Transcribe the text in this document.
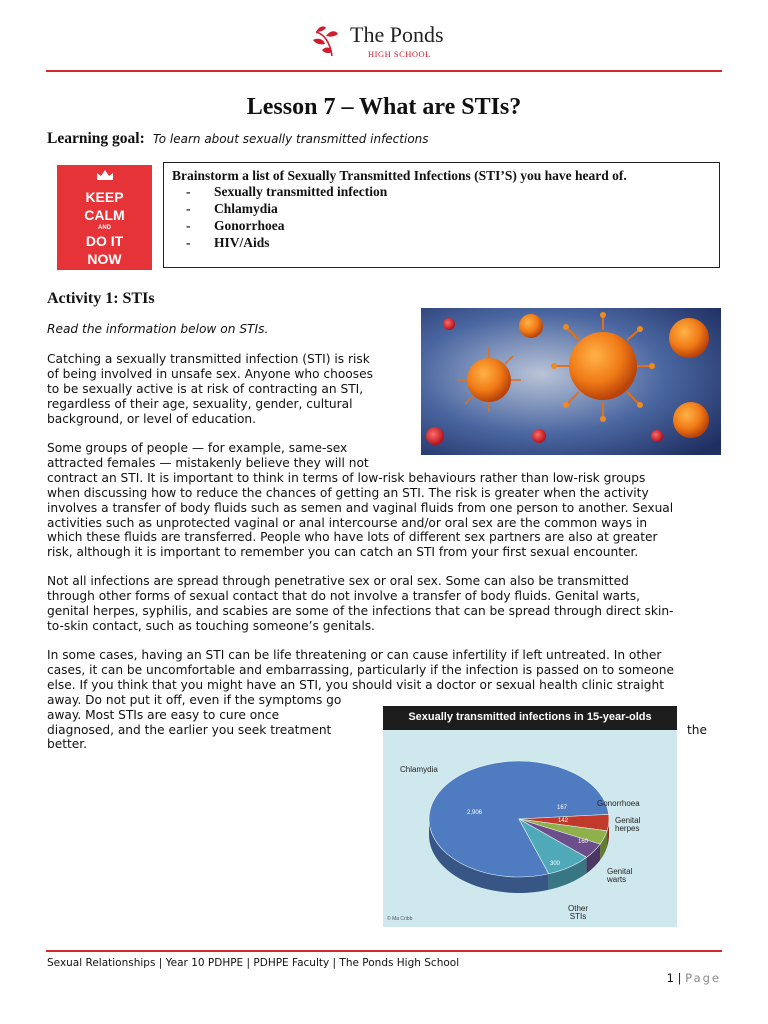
The Ponds
HIGH SCHOOL
Lesson 7 – What are STIs?
Learning goal: To learn about sexually transmitted infections
KEEP
CALM
AND
DO IT
NOW
Brainstorm a list of Sexually Transmitted Infections (STI’S) you have heard of.
- Sexually transmitted infection
- Chlamydia
- Gonorrhoea
- HIV/Aids
Activity 1: STIs

Read the information below on STIs.

Catching a sexually transmitted infection (STI) is risk
of being involved in unsafe sex. Anyone who chooses
to be sexually active is at risk of contracting an STI,
regardless of their age, sexuality, gender, cultural
background, or level of education.
Some groups of people — for example, same-sex
attracted females — mistakenly believe they will not
contract an STI. It is important to think in terms of low-risk behaviours rather than low-risk groups
when discussing how to reduce the chances of getting an STI. The risk is greater when the activity
involves a transfer of body fluids such as semen and vaginal fluids from one person to another. Sexual
activities such as unprotected vaginal or anal intercourse and/or oral sex are the common ways in
which these fluids are transferred. People who have lots of different sex partners are also at greater
risk, although it is important to remember you can catch an STI from your first sexual encounter.
Not all infections are spread through penetrative sex or oral sex. Some can also be transmitted
through other forms of sexual contact that do not involve a transfer of body fluids. Genital warts,
genital herpes, syphilis, and scabies are some of the infections that can be spread through direct skin-
to-skin contact, such as touching someone’s genitals.
In some cases, having an STI can be life threatening or can cause infertility if left untreated. In other
cases, it can be uncomfortable and embarrassing, particularly if the infection is passed on to someone
else. If you think that you might have an STI, you should visit a doctor or sexual health clinic straight
away. Do not put it off, even if the symptoms go
away. Most STIs are easy to cure once
diagnosed, and the earlier you seek treatment
better.
the
Sexually transmitted infections in 15-year-olds
Chlamydia
Gonorrhoea
Genital
herpes
Genital
warts
Other
STIs
2,906
167
142
160
300
© Ma Cribb
Sexual Relationships | Year 10 PDHPE | PDHPE Faculty | The Ponds High School
1 | Page
